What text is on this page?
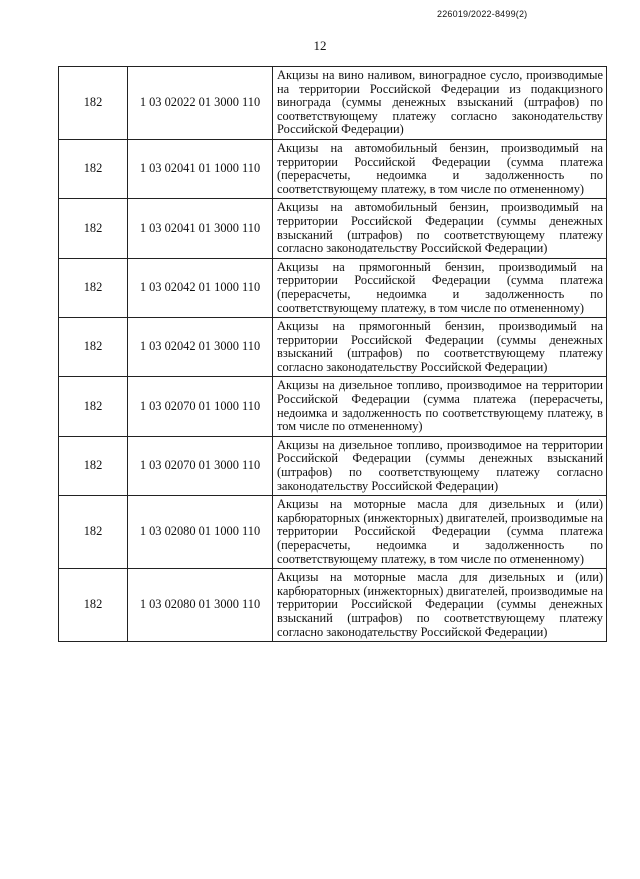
226019/2022-8499(2)
12
182	1 03 02022 01 3000 110	Акцизы на вино наливом, виноградное сусло, производимые на территории Российской Федерации из подакцизного винограда (суммы денежных взысканий (штрафов) по соответствующему платежу согласно законодательству Российской Федерации)
182	1 03 02041 01 1000 110	Акцизы на автомобильный бензин, производимый на территории Российской Федерации (сумма платежа (перерасчеты, недоимка и задолженность по соответствующему платежу, в том числе по отмененному)
182	1 03 02041 01 3000 110	Акцизы на автомобильный бензин, производимый на территории Российской Федерации (суммы денежных взысканий (штрафов) по соответствующему платежу согласно законодательству Российской Федерации)
182	1 03 02042 01 1000 110	Акцизы на прямогонный бензин, производимый на территории Российской Федерации (сумма платежа (перерасчеты, недоимка и задолженность по соответствующему платежу, в том числе по отмененному)
182	1 03 02042 01 3000 110	Акцизы на прямогонный бензин, производимый на территории Российской Федерации (суммы денежных взысканий (штрафов) по соответствующему платежу согласно законодательству Российской Федерации)
182	1 03 02070 01 1000 110	Акцизы на дизельное топливо, производимое на территории Российской Федерации (сумма платежа (перерасчеты, недоимка и задолженность по соответствующему платежу, в том числе по отмененному)
182	1 03 02070 01 3000 110	Акцизы на дизельное топливо, производимое на территории Российской Федерации (суммы денежных взысканий (штрафов) по соответствующему платежу согласно законодательству Российской Федерации)
182	1 03 02080 01 1000 110	Акцизы на моторные масла для дизельных и (или) карбюраторных (инжекторных) двигателей, производимые на территории Российской Федерации (сумма платежа (перерасчеты, недоимка и задолженность по соответствующему платежу, в том числе по отмененному)
182	1 03 02080 01 3000 110	Акцизы на моторные масла для дизельных и (или) карбюраторных (инжекторных) двигателей, производимые на территории Российской Федерации (суммы денежных взысканий (штрафов) по соответствующему платежу согласно законодательству Российской Федерации)
